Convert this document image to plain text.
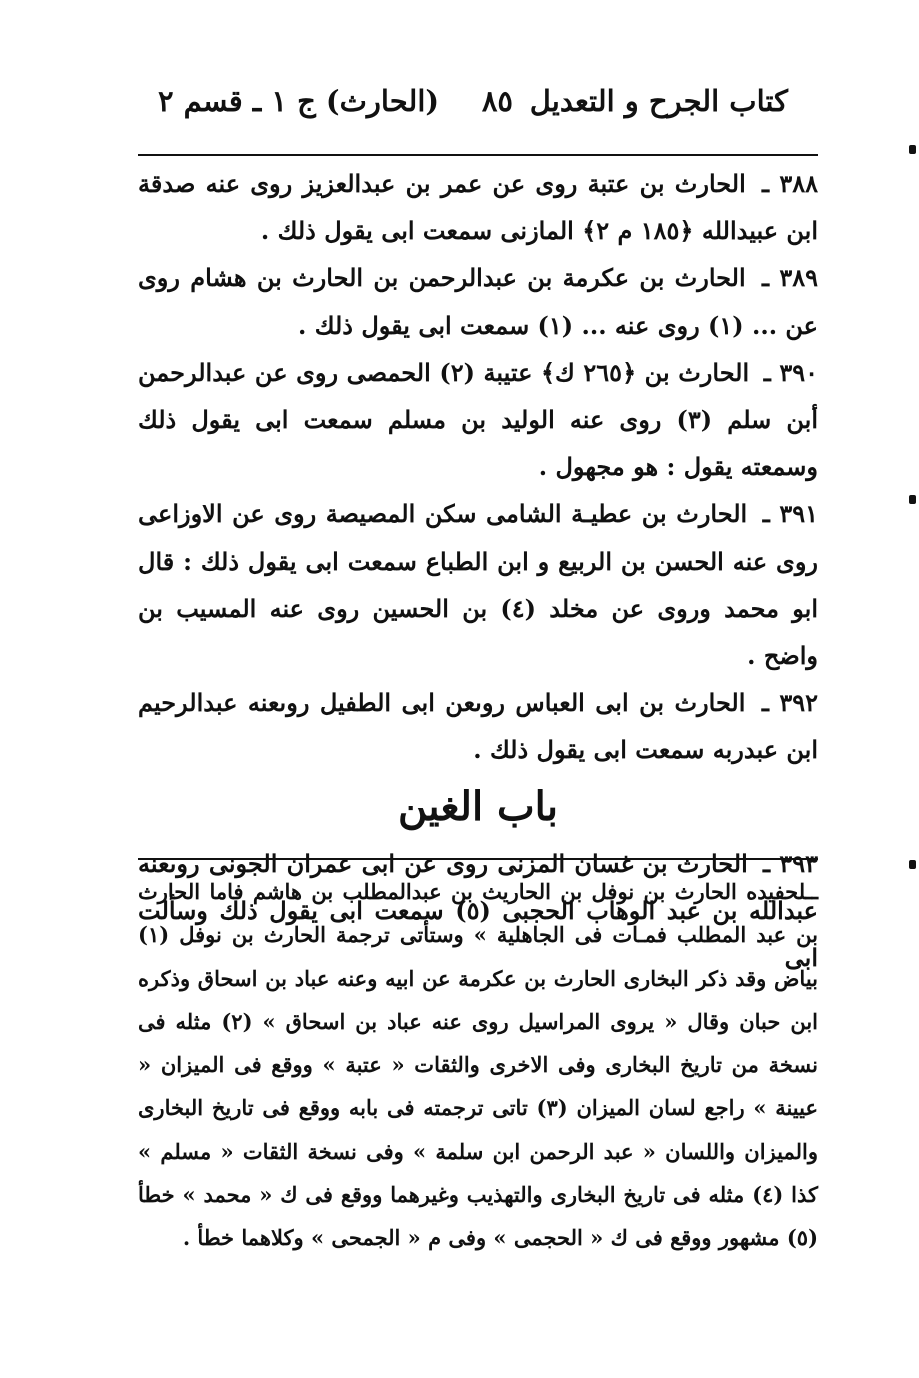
كتاب الجرح و التعديل
٨٥
(الحارث) ج ١ ـ قسم ٢

٣٨٨ ـ الحارث بن عتبة روى عن عمر بن عبدالعزيز روى عنه صدقة ابن عبيدالله ﴿١٨٥ م ٢﴾ المازنى سمعت ابى يقول ذلك .

٣٨٩ ـ الحارث بن عكرمة بن عبدالرحمن بن الحارث بن هشام روى عن ... (١) روى عنه ... (١) سمعت ابى يقول ذلك .

٣٩٠ ـ الحارث بن ﴿٢٦٥ ك﴾ عتيبة (٢) الحمصى روى عن عبدالرحمن أبن سلم (٣) روى عنه الوليد بن مسلم سمعت ابى يقول ذلك وسمعته يقول : هو مجهول .

٣٩١ ـ الحارث بن عطيـة الشامى سكن المصيصة روى عن الاوزاعى روى عنه الحسن بن الربيع و ابن الطباع سمعت ابى يقول ذلك : قال ابو محمد وروى عن مخلد (٤) بن الحسين روى عنه المسيب بن واضح .

٣٩٢ ـ الحارث بن ابى العباس روىعن ابى الطفيل روىعنه عبدالرحيم ابن عبدربه سمعت ابى يقول ذلك .

باب الغين

٣٩٣ ـ الحارث بن غسان المزنى روى عن ابى عمران الجونى روىعنه عبدالله بن عبد الوهاب الحجبى (٥) سمعت ابى يقول ذلك وسألت ابى

ــلحفيده الحارث بن نوفل بن الحاريث بن عبدالمطلب بن هاشم فاما الحارث بن عبد المطلب فمـات فى الجاهلية » وستأتى ترجمة الحارث بن نوفل (١) بياض وقد ذكر البخارى الحارث بن عكرمة عن ابيه وعنه عباد بن اسحاق وذكره ابن حبان وقال « يروى المراسيل روى عنه عباد بن اسحاق » (٢) مثله فى نسخة من تاريخ البخارى وفى الاخرى والثقات « عتبة » ووقع فى الميزان « عيينة » راجع لسان الميزان (٣) تاتى ترجمته فى بابه ووقع فى تاريخ البخارى والميزان واللسان « عبد الرحمن ابن سلمة » وفى نسخة الثقات « مسلم » كذا (٤) مثله فى تاريخ البخارى والتهذيب وغيرهما ووقع فى ك « محمد » خطأ (٥) مشهور ووقع فى ك « الحجمى » وفى م « الجمحى » وكلاهما خطأ .
